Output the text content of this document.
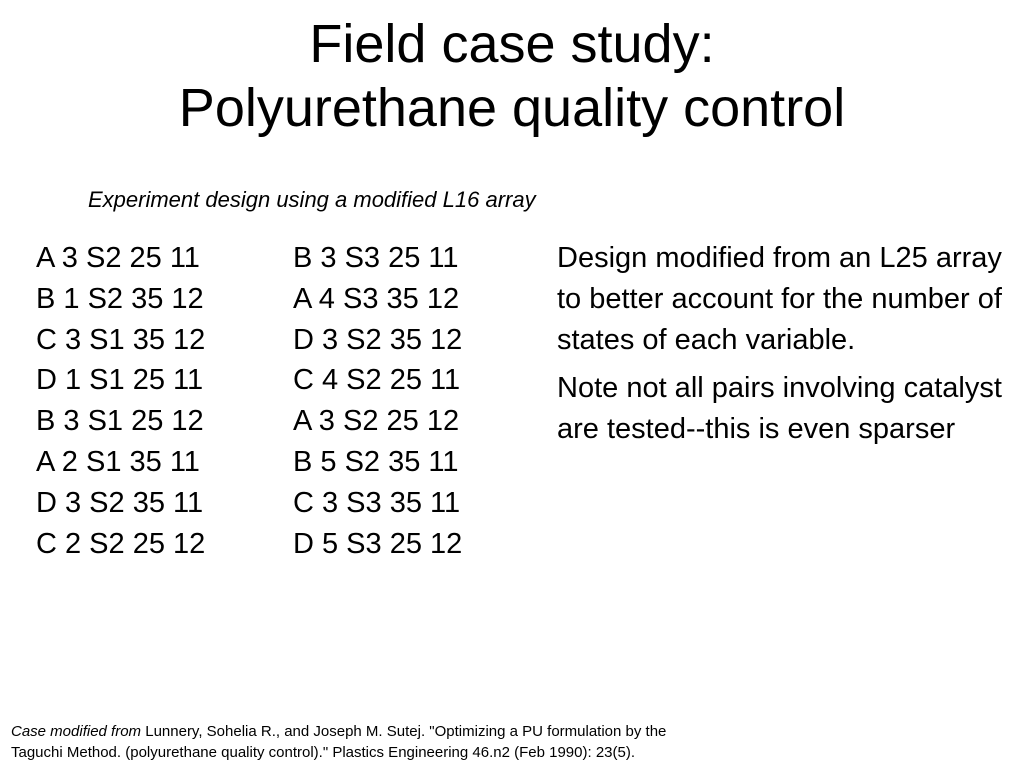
Field case study:
Polyurethane quality control
Experiment design using a modified L16 array
A 3 S2 25 11
B 1 S2 35 12
C 3 S1 35 12
D 1 S1 25 11
B 3 S1 25 12
A 2 S1 35 11
D 3 S2 35 11
C 2 S2 25 12
B 3 S3 25 11
A 4 S3 35 12
D 3 S2 35 12
C 4 S2 25 11
A 3 S2 25 12
B 5 S2 35 11
C 3 S3 35 11
D 5 S3 25 12

Design modified from an L25 array to better account for the number of states of each variable.

Note not all pairs involving catalyst are tested--this is even sparser

Case modified from Lunnery, Sohelia R., and Joseph M. Sutej. "Optimizing a PU formulation by the
Taguchi Method. (polyurethane quality control)." Plastics Engineering 46.n2 (Feb 1990): 23(5).
